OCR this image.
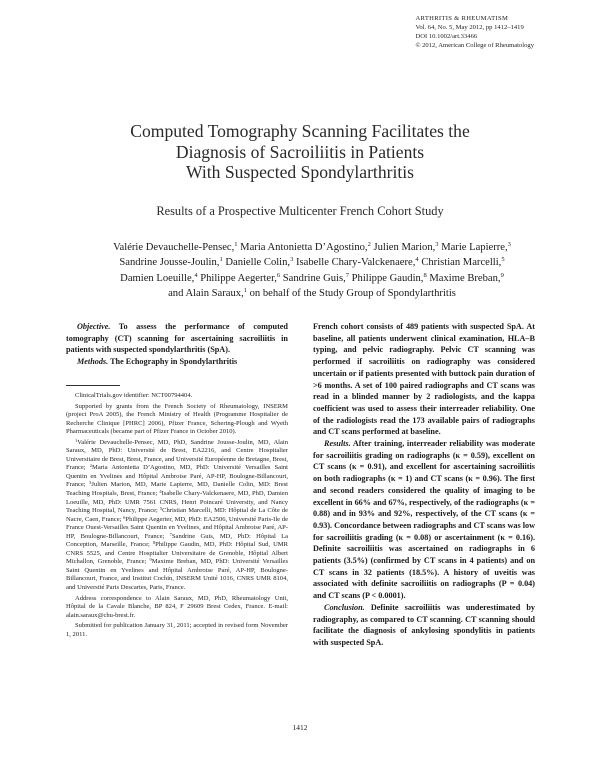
ARTHRITIS & RHEUMATISM
Vol. 64, No. 5, May 2012, pp 1412–1419
DOI 10.1002/art.33466
© 2012, American College of Rheumatology
Computed Tomography Scanning Facilitates the
Diagnosis of Sacroiliitis in Patients
With Suspected Spondylarthritis
Results of a Prospective Multicenter French Cohort Study
Valérie Devauchelle-Pensec,$^1$ Maria Antonietta D’Agostino,$^2$ Julien Marion,$^3$ Marie Lapierre,$^3$
Sandrine Jousse-Joulin,$^1$ Danielle Colin,$^3$ Isabelle Chary-Valckenaere,$^4$ Christian Marcelli,$^5$
Damien Loeuille,$^4$ Philippe Aegerter,$^6$ Sandrine Guis,$^7$ Philippe Gaudin,$^8$ Maxime Breban,$^9$
and Alain Saraux,$^1$ on behalf of the Study Group of Spondylarthritis

Objective. To assess the performance of computed tomography (CT) scanning for ascertaining sacroiliitis in patients with suspected spondylarthritis (SpA).

Methods. The Echography in Spondylarthritis

ClinicalTrials.gov identifier: NCT00794404.

Supported by grants from the French Society of Rheumatology, INSERM (project ProA 2005), the French Ministry of Health (Programme Hospitalier de Recherche Clinique [PHRC] 2006), Pfizer France, Schering-Plough and Wyeth Pharmaceuticals (became part of Pfizer France in October 2010).

$^1$Valérie Devauchelle-Pensec, MD, PhD, Sandrine Jousse-Joulin, MD, Alain Saraux, MD, PhD: Université de Brest, EA2216, and Centre Hospitalier Universitaire de Brest, Brest, France, and Université Européenne de Bretagne, Brest, France; $^2$Maria Antonietta D’Agostino, MD, PhD: Université Versailles Saint Quentin en Yvelines and Hôpital Ambroise Paré, AP-HP, Boulogne-Billancourt, France; $^3$Julien Marion, MD, Marie Lapierre, MD, Danielle Colin, MD: Brest Teaching Hospitals, Brest, France; $^4$Isabelle Chary-Valckenaere, MD, PhD, Damien Loeuille, MD, PhD: UMR 7561 CNRS, Henri Poincaré University, and Nancy Teaching Hospital, Nancy, France; $^5$Christian Marcelli, MD: Hôpital de La Côte de Nacre, Caen, France; $^6$Philippe Aegerter, MD, PhD: EA2506, Université Paris-Ile de France Ouest-Versailles Saint Quentin en Yvelines, and Hôpital Ambroise Paré, AP-HP, Boulogne-Billancourt, France; $^7$Sandrine Guis, MD, PhD: Hôpital La Conception, Marseille, France; $^8$Philippe Gaudin, MD, PhD: Hôpital Sud, UMR CNRS 5525, and Centre Hospitalier Universitaire de Grenoble, Hôpital Albert Michallon, Grenoble, France; $^9$Maxime Breban, MD, PhD: Université Versailles Saint Quentin en Yvelines and Hôpital Ambroise Paré, AP-HP, Boulogne-Billancourt, France, and Institut Cochin, INSERM Unité 1016, CNRS UMR 8104, and Université Paris Descartes, Paris, France.

Address correspondence to Alain Saraux, MD, PhD, Rheumatology Unit, Hôpital de la Cavale Blanche, BP 824, F 29609 Brest Cedex, France. E-mail: alain.saraux@chu-brest.fr.

Submitted for publication January 31, 2011; accepted in revised form November 1, 2011.

French cohort consists of 489 patients with suspected SpA. At baseline, all patients underwent clinical examination, HLA–B typing, and pelvic radiography. Pelvic CT scanning was performed if sacroiliitis on radiography was considered uncertain or if patients presented with buttock pain duration of >6 months. A set of 100 paired radiographs and CT scans was read in a blinded manner by 2 radiologists, and the kappa coefficient was used to assess their interreader reliability. One of the radiologists read the 173 available pairs of radiographs and CT scans performed at baseline.

Results. After training, interreader reliability was moderate for sacroiliitis grading on radiographs (κ = 0.59), excellent on CT scans (κ = 0.91), and excellent for ascertaining sacroiliitis on both radiographs (κ = 1) and CT scans (κ = 0.96). The first and second readers considered the quality of imaging to be excellent in 66% and 67%, respectively, of the radiographs (κ = 0.88) and in 93% and 92%, respectively, of the CT scans (κ = 0.93). Concordance between radiographs and CT scans was low for sacroiliitis grading (κ = 0.08) or ascertainment (κ = 0.16). Definite sacroiliitis was ascertained on radiographs in 6 patients (3.5%) (confirmed by CT scans in 4 patients) and on CT scans in 32 patients (18.5%). A history of uveitis was associated with definite sacroiliitis on radiographs (P = 0.04) and CT scans (P < 0.0001).

Conclusion. Definite sacroiliitis was underestimated by radiography, as compared to CT scanning. CT scanning should facilitate the diagnosis of ankylosing spondylitis in patients with suspected SpA.

1412
